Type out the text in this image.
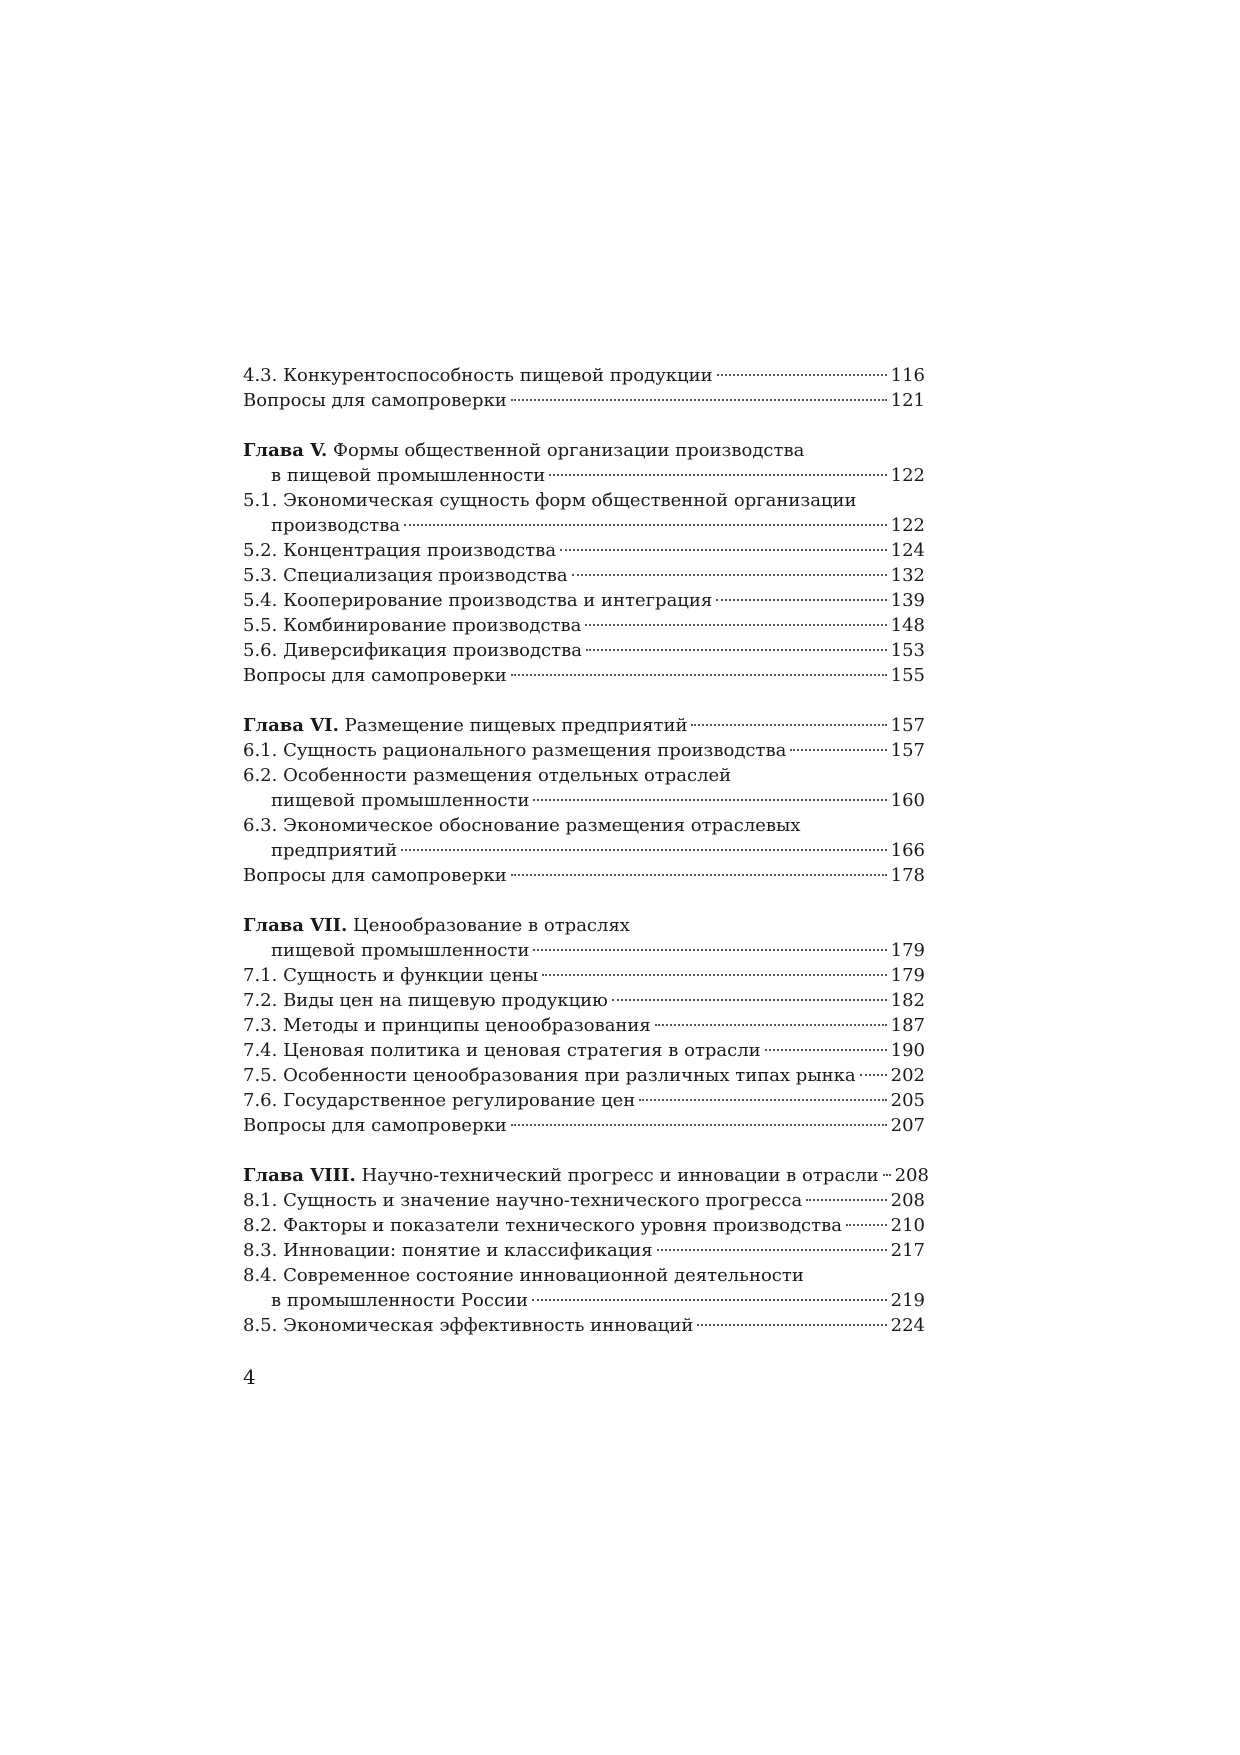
4.3. Конкурентоспособность пищевой продукции	116
Вопросы для самопроверки	121
Глава V. Формы общественной организации производства
в пищевой промышленности	122
5.1. Экономическая сущность форм общественной организации
производства	122
5.2. Концентрация производства	124
5.3. Специализация производства	132
5.4. Кооперирование производства и интеграция	139
5.5. Комбинирование производства	148
5.6. Диверсификация производства	153
Вопросы для самопроверки	155
Глава VI. Размещение пищевых предприятий	157
6.1. Сущность рационального размещения производства	157
6.2. Особенности размещения отдельных отраслей
пищевой промышленности	160
6.3. Экономическое обоснование размещения отраслевых
предприятий	166
Вопросы для самопроверки	178
Глава VII. Ценообразование в отраслях
пищевой промышленности	179
7.1. Сущность и функции цены	179
7.2. Виды цен на пищевую продукцию	182
7.3. Методы и принципы ценообразования	187
7.4. Ценовая политика и ценовая стратегия в отрасли	190
7.5. Особенности ценообразования при различных типах рынка 202
7.6. Государственное регулирование цен	205
Вопросы для самопроверки	207
Глава VIII. Научно-технический прогресс и инновации в отрасли 208
8.1. Сущность и значение научно-технического прогресса	208
8.2. Факторы и показатели технического уровня производства	210
8.3. Инновации: понятие и классификация	217
8.4. Современное состояние инновационной деятельности
в промышленности России	219
8.5. Экономическая эффективность инноваций	224
4
